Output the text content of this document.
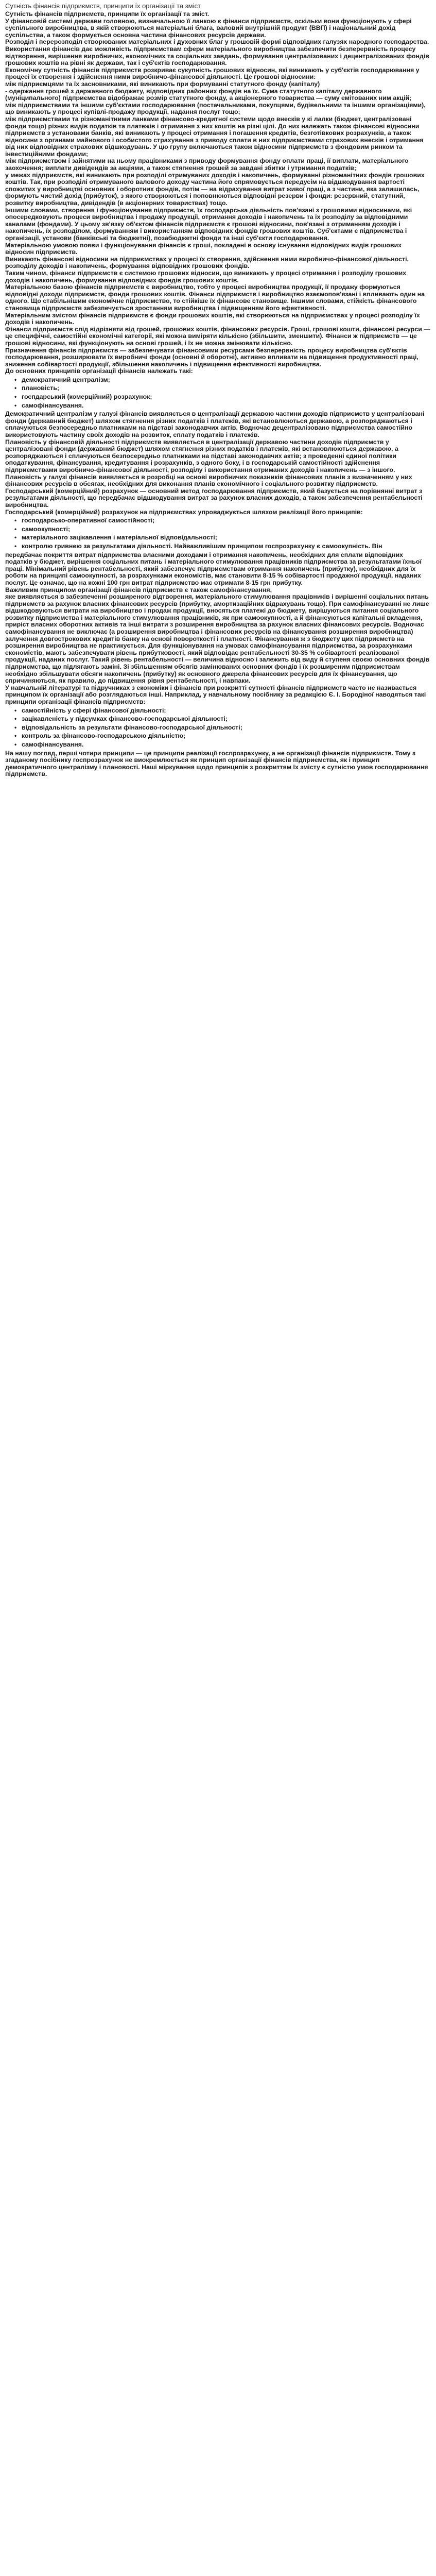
Сутність фінансів підприємств, принципи їх організації та зміст

Сутність фінансів підприємств, принципи їх організації та зміст.

У фінансовій системі держави головною, визначальною її ланкою є фінанси підприємств, оскільки вони функціонують у сфері суспільного виробництва, в якій створюються матеріальні блага, валовий внутрішній продукт (ВВП) і національний дохід суспільства, а також формується основна частина фінансових ресурсів держави.

Розподіл і перерозподіл створюваних матеріальних і духовних благ у грошовій формі відповідних галузях народного господарства.

Використання фінансів дає можливість підприємствам сфери матеріального виробництва забезпечити безперервність процесу відтворення, вирішення виробничих, економічних та соціальних завдань, формування централізованих і децентралізованих фондів грошових коштів на рівні як держави, так і суб'єктів господарювання.

Економічну сутність фінансів підприємств розкриває сукупність грошових відносин, які виникають у суб'єктів господарювання у процесі їх створення і здійснення ними виробничо-фінансової діяльності. Це грошові відносини:

між підприємцями та їх засновниками, які виникають при формуванні статутного фонду (капіталу)

- одержання грошей з державного бюджету, відповідних районних фондів на їх. Сума статутного капіталу державного (муніципального) підприємства відображає розмір статутного фонду, а акціонерного товариства — суму емітованих ним акцій;

між підприємствами та іншими суб'єктами господарювання (постачальниками, покупцями, будівельними та іншими організаціями), що виникають у процесі купівлі-продажу продукції, надання послуг тощо;

між підприємствами та різноманітними ланками фінансово-кредитної системи щодо внесків у кі лалки (бюджет, централізовані фонди тощо) різних видів податків та платежів і отримання з них коштів на різні цілі. До них належать також фінансові відносини підприємств з установами банків, які виникають у процесі отримання і погашення кредитів, безготівкових розрахунків, а також відносини з органами майнового і особистого страхування з приводу сплати в них підприємствами страхових внесків і отримання від них відповідних страхових відшкодувань. У цю групу включаються також відносини підприємств з фондовим ринком та інвестиційними фондами;

між підприємством і зайнятими на ньому працівниками з приводу формування фонду оплати праці, її виплати, матеріального заохочення; виплати дивідендів за акціями, а також стягнення грошей за завдані збитки і утримання податків;

у межах підприємств, які виникають при розподілі отримуваних доходів і накопичень, формуванні різноманітних фондів грошових коштів. Так, при розподілі отримуваного валового доходу частина його спрямовується передусім на відшкодування вартості спожитих у виробництві основних і оборотних фондів, потім — на відрахування витрат живої праці, а з частини, яка залишилась, формують чистий дохід (прибуток), з якого створюються і поповнюються відповідні резерви і фонди: резервний, статутний, розвитку виробництва, дивідендів (в акціонерних товариствах) тощо.

Іншими словами, створення і функціонування підприємств, їх господарська діяльність пов'язані з грошовими відносинами, які опосередковують процеси виробництва і продажу продукції, отримання доходів і накопичень та їх розподілу за відповідними каналами (фондами). У цьому зв'язку об'єктом фінансів підприємств є грошові відносини, пов'язані з отриманням доходів і накопичень, їх розподілом, формуванням і використанням відповідних фондів грошових коштів. Суб'єктами є підприємства і організації, установи (банківські та бюджетні), позабюджетні фонди та інші суб'єкти господарювання.

Матеріальною умовою появи і функціонування фінансів є гроші, покладені в основу існування відповідних видів грошових відносин підприємств.

Виникають фінансові відносини на підприємствах у процесі їх створення, здійснення ними виробничо-фінансової діяльності, розподілу доходів і накопичень, формування відповідних грошових фондів.

Таким чином, фінанси підприємств є системою грошових відносин, що виникають у процесі отримання і розподілу грошових доходів і накопичень, формування відповідних фондів грошових коштів.

Матеріальною базою фінансів підприємств є виробництво, тобто у процесі виробництва продукції, її продажу формуються відповідні доходи підприємств, фонди грошових коштів. Фінанси підприємств і виробництво взаємопов'язані і впливають один на одного. Що стабільнішим економічне підприємство, то стійкіше їх фінансове становище. Іншими словами, стійкість фінансового становища підприємств забезпечується зростанням виробництва і підвищенням його ефективності.

Матеріальним змістом фінансів підприємств є фонди грошових коштів, які створюються на підприємствах у процесі розподілу їх доходів і накопичень.

Фінанси підприємств слід відрізняти від грошей, грошових коштів, фінансових ресурсів. Гроші, грошові кошти, фінансові ресурси — це специфічні, самостійні економічні категорії, які можна виміряти кількісно (збільшити, зменшити). Фінанси ж підприємств — це грошові відносини, які функціонують на основі грошей, і їх не можна змінювати кількісно.

Призначення фінансів підприємств — забезпечувати фінансовими ресурсами безперервність процесу виробництва суб'єктів господарювання, розширювати їх виробничі фонди (основні й оборотні), активно впливати на підвищення продуктивності праці, зниження собівартості продукції, збільшення накопичень і підвищення ефективності виробництва.

До основних принципів організації фінансів належать такі:

• демократичний централізм;
• плановість;
• госпдарський (комерційний) розрахунок;
• самофінансування.

Демократичний централізм у галузі фінансів виявляється в централізації державою частини доходів підприємств у централізовані фонди (державний бюджет) шляхом стягнення різних податків і платежів, які встановлюються державою, а розпоряджаються і сплачуються безпосередньо платниками на підставі законодавчих актів. Водночас децентралізовано підприємства самостійно використовують частину своїх доходів на розвиток, сплату податків і платежів.

Плановість у фінансовій діяльності підприємств виявляється в централізації державою частини доходів підприємств у централізовані фонди (державний бюджет) шляхом стягнення різних податків і платежів, які встановлюються державою, а розпоряджаються і сплачуються безпосередньо платниками на підставі законодавчих актів; з проведенні єдиної політики оподаткування, фінансування, кредитування і розрахунків, з одного боку, і в господарській самостійності здійснення підприємствами виробничо-фінансової діяльності, розподілу і використання отриманих доходів і накопичень — з іншого.

Плановість у галузі фінансів виявляється в розробці на основі виробничих показників фінансових планів з визначенням у них фінансових ресурсів в обсягах, необхідних для виконання планів економічного і соціального розвитку підприємств.

Господарський (комерційний) розрахунок — основний метод господарювання підприємств, який базується на порівнянні витрат з результатами діяльності, що передбачає відшкодування витрат за рахунок власних доходів, а також забезпечення рентабельності виробництва.

Господарський (комерційний) розрахунок на підприємствах упроваджується шляхом реалізації його принципів:

• господарсько-оперативної самостійності;
• самоокупності;
• матеріального зацікавлення і матеріальної відповідальності;
• контролю гривнею за результатами діяльності. Найважливішим принципом госпрозрахунку є самоокупність. Він

передбачає покриття витрат підприємства власними доходами і отримання накопичень, необхідних для сплати відповідних податків у бюджет, вирішення соціальних питань і матеріального стимулювання працівників підприємства за результатами їхньої праці. Мінімальний рівень рентабельності, який забезпечує підприємствам отримання накопичень (прибутку), необхідних для їх роботи на принципі самоокупності, за розрахунками економістів, має становити 8-15 % собівартості продажної продукції, наданих послуг. Це означає, що на кожні 100 грн витрат підприємство має отримати 8-15 грн прибутку.

Важливим принципом організації фінансів підприємств є також самофінансування,

яке виявляється в забезпеченні розширеного відтворення, матеріального стимулювання працівників і вирішенні соціальних питань підприємств за рахунок власних фінансових ресурсів (прибутку, амортизаційних відрахувань тощо). При самофінансуванні не лише відшкодовуються витрати на виробництво і продаж продукції, вносяться платежі до бюджету, вирішуються питання соціального розвитку підприємства і матеріального стимулювання працівників, як при самоокупності, а й фінансуються капітальні вкладення, приріст власних оборотних активів та інші витрати з розширення виробництва за рахунок власних фінансових ресурсів. Водночас самофінансування не виключає (а розширення виробництва і фінансових ресурсів на фінансування розширення виробництва) залучення довгострокових кредитів банку на основі повороткості і платності. Фінансування ж з бюджету цих підприємств на розширення виробництва не практикується. Для функціонування на умовах самофінансування підприємства, за розрахунками економістів, мають забезпечувати рівень прибутковості, який відповідає рентабельності 30-35 % собівартості реалізованої продукції, наданих послуг. Такий рівень рентабельності — величина відносно і залежить від виду й ступеня своєю основних фондів підприємства, що підлягають заміні. Зі збільшенням обсягів замінюваних основних фондів і їх розширеним підприємствам необхідно збільшувати обсяги накопичень (прибутку) як основного джерела фінансових ресурсів для їх фінансування, що спричиняються, як правило, до підвищення рівня рентабельності, і навпаки.

У навчальній літературі та підручниках з економіки і фінансів при розкритті сутності фінансів підприємств часто не називається принципом їх організації або розглядаються інші. Наприклад, у навчальному посібнику за редакцією Є. І. Бородіної наводяться такі принципи організації фінансів підприємств:

• самостійність у сфері фінансової діяльності;
• зацікавленість у підсумках фінансово-господарської діяльності;
• відповідальність за результати фінансово-господарської діяльності;
• контроль за фінансово-господарською діяльністю;
• самофінансування.

На нашу погляд, перші чотири принципи — це принципи реалізації госпрозрахунку, а не організації фінансів підприємств. Тому з згаданому посібнику госпрозрахунок не виокремлюється як принцип організації фінансів підприємства, як і принцип демократичного централізму і плановості. Наші міркування щодо принципів з розкриттям їх змісту є сутністю умов господарювання підприємств.
